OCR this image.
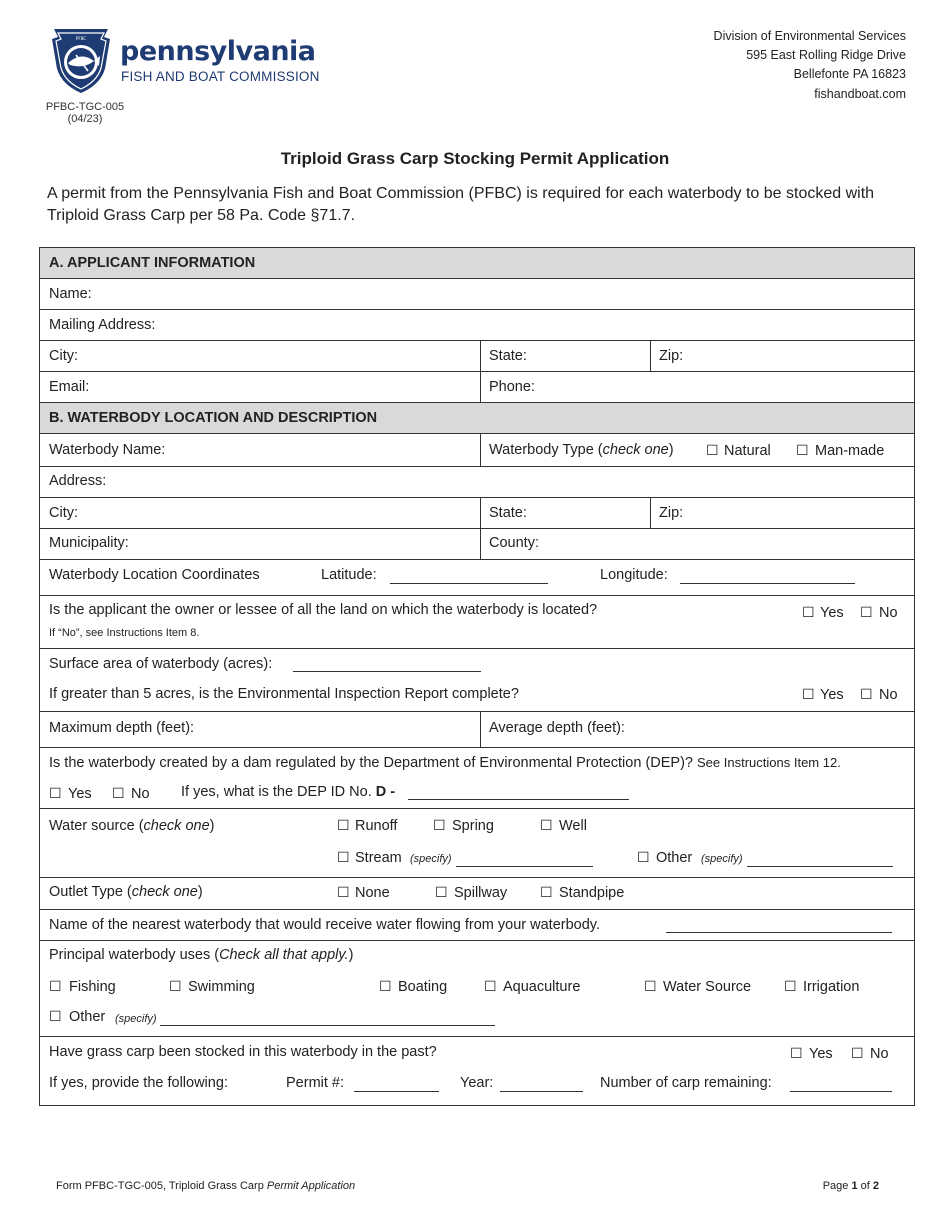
PFBC pennsylvania
FISH AND BOAT COMMISSION
PFBC-TGC-005
(04/23)
Division of Environmental Services
595 East Rolling Ridge Drive
Bellefonte PA 16823
fishandboat.com
Triploid Grass Carp Stocking Permit Application
A permit from the Pennsylvania Fish and Boat Commission (PFBC) is required for each waterbody to be stocked with Triploid Grass Carp per 58 Pa. Code §71.7.
A. APPLICANT INFORMATION
Name:
Mailing Address:
City:	State:	Zip:
Email:	Phone:
B. WATERBODY LOCATION AND DESCRIPTION
Waterbody Name:	Waterbody Type (check one) ☐ Natural ☐ Man-made
Address:
City:	State:	Zip:
Municipality:	County:
Waterbody Location Coordinates	Latitude:	Longitude:
Is the applicant the owner or lessee of all the land on which the waterbody is located?
If “No”, see Instructions Item 8.
☐ Yes ☐ No
Surface area of waterbody (acres):
If greater than 5 acres, is the Environmental Inspection Report complete?	☐ Yes ☐ No
Maximum depth (feet):	Average depth (feet):
Is the waterbody created by a dam regulated by the Department of Environmental Protection (DEP)? See Instructions Item 12.
☐ Yes ☐ No If yes, what is the DEP ID No. D -
Water source (check one)	☐ Runoff	☐ Spring	☐ Well
☐ Stream (specify)	☐ Other (specify)
Outlet Type (check one)	☐ None	☐ Spillway ☐ Standpipe
Name of the nearest waterbody that would receive water flowing from your waterbody.
Principal waterbody uses (Check all that apply.)
☐ Fishing	☐ Swimming	☐ Boating	☐ Aquaculture	☐ Water Source ☐ Irrigation
☐ Other (specify)
Have grass carp been stocked in this waterbody in the past?	☐ Yes ☐ No
If yes, provide the following:	Permit #:	Year:	Number of carp remaining:
Form PFBC-TGC-005, Triploid Grass Carp Permit Application	Page 1 of 2
